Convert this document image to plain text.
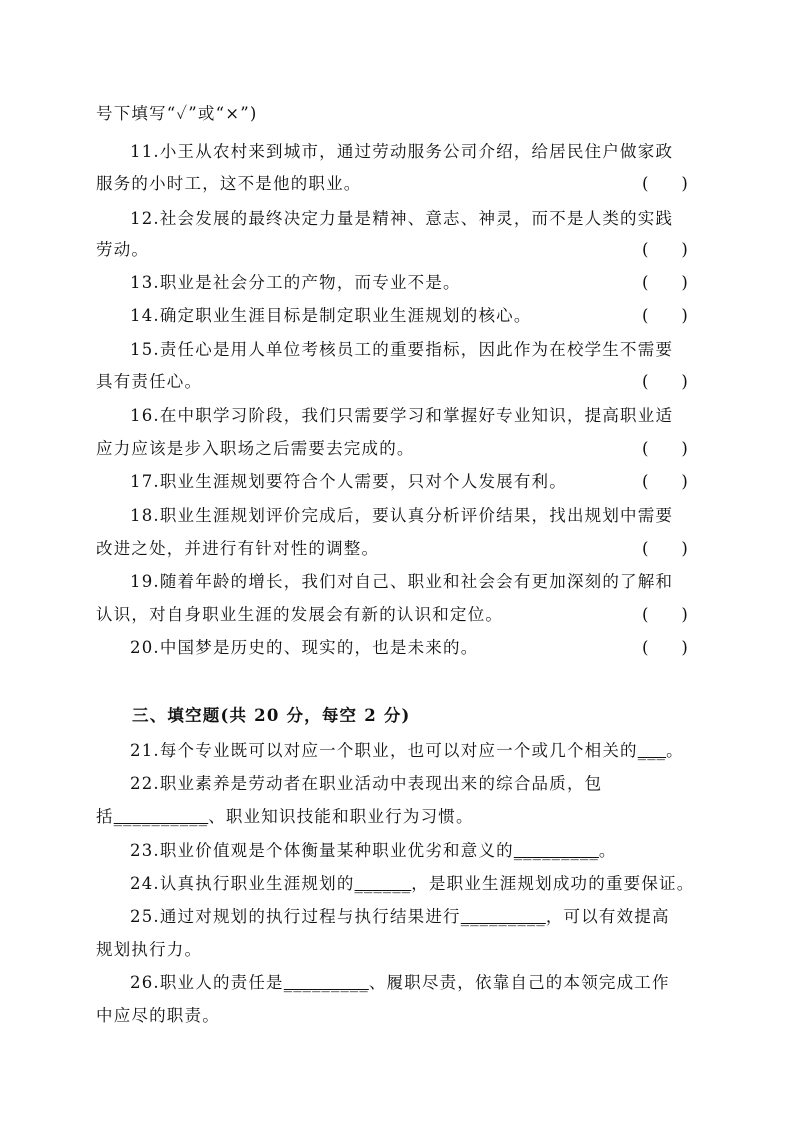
号下填写“✓”或“×”)
11.小王从农村来到城市，通过劳动服务公司介绍，给居民住户做家政
服务的小时工，这不是他的职业。	(　　)
12.社会发展的最终决定力量是精神、意志、神灵，而不是人类的实践
劳动。	(　　)
13.职业是社会分工的产物，而专业不是。	(　　)
14.确定职业生涯目标是制定职业生涯规划的核心。	(　　)
15.责任心是用人单位考核员工的重要指标，因此作为在校学生不需要
具有责任心。	(　　)
16.在中职学习阶段，我们只需要学习和掌握好专业知识，提高职业适
应力应该是步入职场之后需要去完成的。	(　　)
17.职业生涯规划要符合个人需要，只对个人发展有利。	(　　)
18.职业生涯规划评价完成后，要认真分析评价结果，找出规划中需要
改进之处，并进行有针对性的调整。	(　　)
19.随着年龄的增长，我们对自己、职业和社会会有更加深刻的了解和
认识，对自身职业生涯的发展会有新的认识和定位。	(　　)
20.中国梦是历史的、现实的，也是未来的。	(　　)
三、填空题(共 20 分，每空 2 分)
21.每个专业既可以对应一个职业，也可以对应一个或几个相关的___。
22.职业素养是劳动者在职业活动中表现出来的综合品质，包
括__________、职业知识技能和职业行为习惯。
23.职业价值观是个体衡量某种职业优劣和意义的_________。
24.认真执行职业生涯规划的______，是职业生涯规划成功的重要保证。
25.通过对规划的执行过程与执行结果进行_________，可以有效提高
规划执行力。
26.职业人的责任是_________、履职尽责，依靠自己的本领完成工作
中应尽的职责。
